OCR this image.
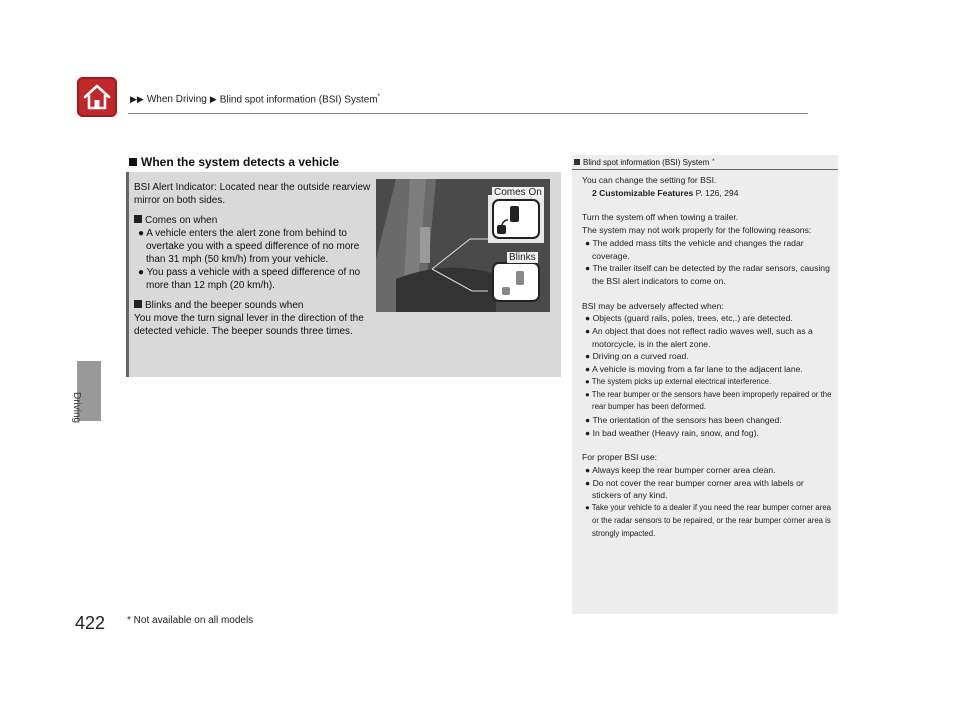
▶▶ When Driving ▶ Blind spot information (BSI) System*
Driving
When the system detects a vehicle

BSI Alert Indicator: Located near the outside rearview mirror on both sides.

Comes on when

● A vehicle enters the alert zone from behind to overtake you with a speed difference of no more than 31 mph (50 km/h) from your vehicle.

● You pass a vehicle with a speed difference of no more than 12 mph (20 km/h).

Blinks and the beeper sounds when

You move the turn signal lever in the direction of the detected vehicle. The beeper sounds three times.

Comes On
Blinks
Blind spot information (BSI) System *

You can change the setting for BSI.

2 Customizable Features P. 126, 294

Turn the system off when towing a trailer.

The system may not work properly for the following reasons:

● The added mass tilts the vehicle and changes the radar coverage.

● The trailer itself can be detected by the radar sensors, causing the BSI alert indicators to come on.

BSI may be adversely affected when:

● Objects (guard rails, poles, trees, etc,.) are detected.

● An object that does not reflect radio waves well, such as a motorcycle, is in the alert zone.

● Driving on a curved road.

● A vehicle is moving from a far lane to the adjacent lane.

● The system picks up external electrical interference.

● The rear bumper or the sensors have been improperly repaired or the rear bumper has been deformed.

● The orientation of the sensors has been changed.

● In bad weather (Heavy rain, snow, and fog).

For proper BSI use:

● Always keep the rear bumper corner area clean.

● Do not cover the rear bumper corner area with labels or stickers of any kind.

● Take your vehicle to a dealer if you need the rear bumper corner area or the radar sensors to be repaired, or the rear bumper corner area is strongly impacted.

422 * Not available on all models
